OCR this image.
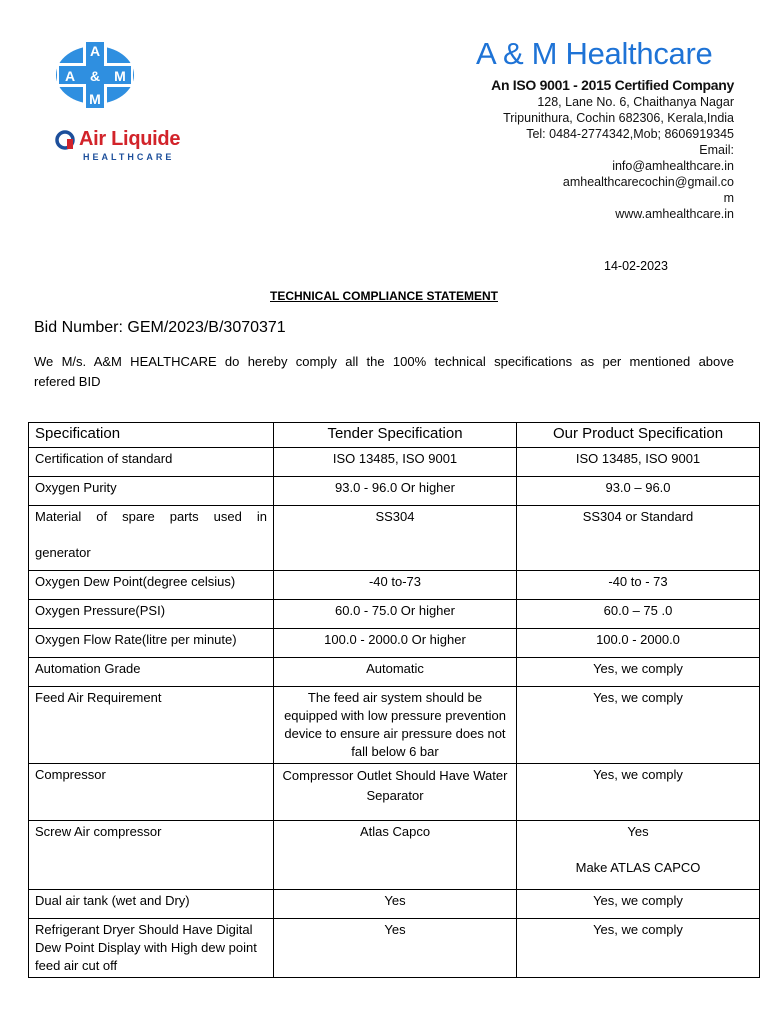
A
A & M
M
Air Liquide
HEALTHCARE
A & M Healthcare
An ISO 9001 - 2015 Certified Company
128, Lane No. 6, Chaithanya Nagar
Tripunithura, Cochin 682306, Kerala,India
Tel: 0484-2774342,Mob; 8606919345
Email:
info@amhealthcare.in
amhealthcarecochin@gmail.co
m
www.amhealthcare.in
14-02-2023
TECHNICAL COMPLIANCE STATEMENT
Bid Number: GEM/2023/B/3070371
We M/s. A&M HEALTHCARE do hereby comply all the 100% technical specifications as per mentioned above
refered BID
Specification	Tender Specification	Our Product Specification
Certification of standard	ISO 13485, ISO 9001	ISO 13485, ISO 9001
Oxygen Purity	93.0 - 96.0 Or higher	93.0 – 96.0

Material of spare parts used in
generator	SS304	SS304 or Standard
Oxygen Dew Point(degree celsius)	-40 to-73	-40 to - 73
Oxygen Pressure(PSI)	60.0 - 75.0 Or higher	60.0 – 75 .0
Oxygen Flow Rate(litre per minute)	100.0 - 2000.0 Or higher	100.0 - 2000.0
Automation Grade	Automatic	Yes, we comply
Feed Air Requirement	The feed air system should be equipped with low pressure prevention device to ensure air pressure does not fall below 6 bar	Yes, we comply
Compressor	Compressor Outlet Should Have Water Separator	Yes, we comply
Screw Air compressor	Atlas Capco	Yes
Make ATLAS CAPCO

Dual air tank (wet and Dry)	Yes	Yes, we comply
Refrigerant Dryer Should Have Digital Dew Point Display with High dew point feed air cut off	Yes	Yes, we comply
